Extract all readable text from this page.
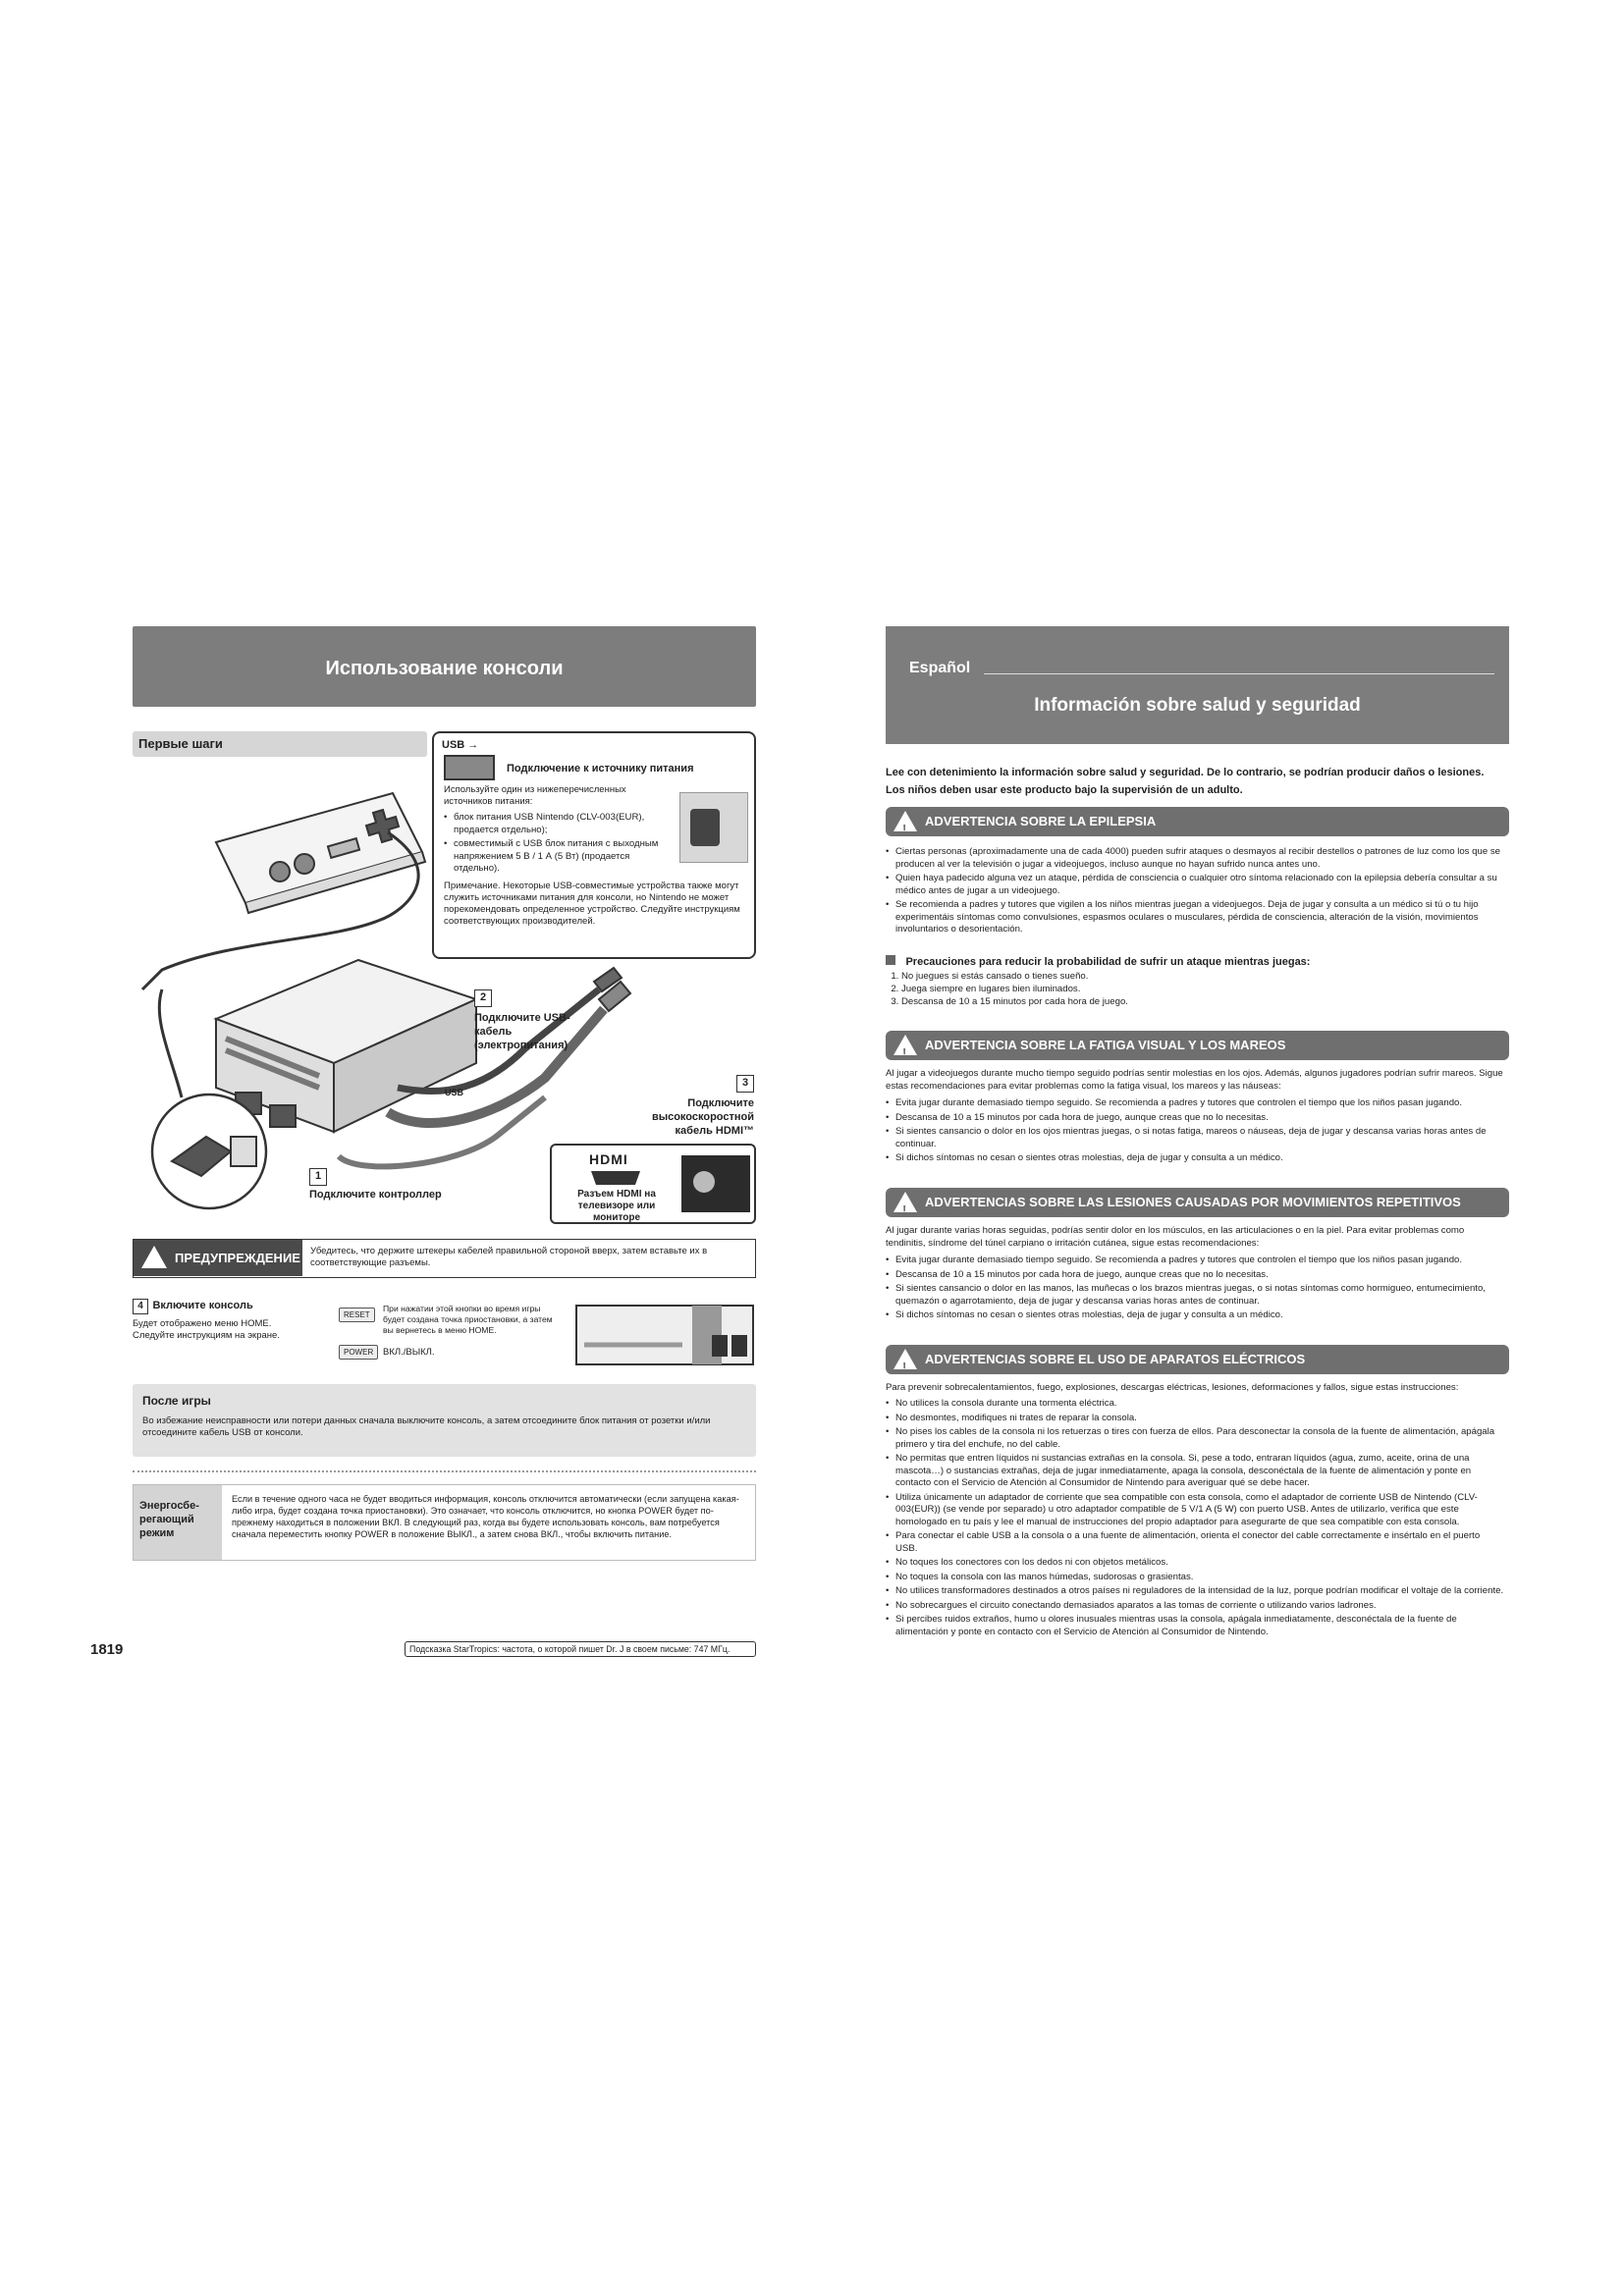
Использование консоли
Первые шаги	USB →
Подключение к источнику питания
Используйте один из нижеперечисленных источников питания:
• блок питания USB Nintendo (CLV-003(EUR), продается отдельно);
• совместимый с USB блок питания с выходным напряжением 5 В / 1 А (5 Вт) (продается отдельно).
Примечание. Некоторые USB-совместимые устройства также могут служить источниками питания для консоли, но Nintendo не может порекомендовать определенное устройство. Следуйте инструкциям соответствующих производителей.
2
Подключите USB-кабель (электропитания)
USB
3
Подключите высокоскоростной кабель HDMI™
HDMI
Разъем HDMI на телевизоре или мониторе
1
Подключите контроллер
ПРЕДУПРЕЖДЕНИЕ Убедитесь, что держите штекеры кабелей правильной стороной вверх, затем вставьте их в соответствующие разъемы.
4 Включите консоль
Будет отображено меню HOME. Следуйте инструкциям на экране.
RESET
При нажатии этой кнопки во время игры будет создана точка приостановки, а затем вы вернетесь в меню HOME.
POWER	ВКЛ./ВЫКЛ.
После игры
Во избежание неисправности или потери данных сначала выключите консоль, а затем отсоедините блок питания от розетки и/или отсоедините кабель USB от консоли.
Энергосбе-регающий режим
Если в течение одного часа не будет вводиться информация, консоль отключится автоматически (если запущена какая-либо игра, будет создана точка приостановки). Это означает, что консоль отключится, но кнопка POWER будет по-прежнему находиться в положении ВКЛ. В следующий раз, когда вы будете использовать консоль, вам потребуется сначала переместить кнопку POWER в положение ВЫКЛ., а затем снова ВКЛ., чтобы включить питание.
1819	Подсказка StarTropics: частота, о которой пишет Dr. J в своем письме: 747 МГц.
Español
Información sobre salud y seguridad
Lee con detenimiento la información sobre salud y seguridad. De lo contrario, se podrían producir daños o lesiones. Los niños deben usar este producto bajo la supervisión de un adulto.
!
ADVERTENCIA SOBRE LA EPILEPSIA
• Ciertas personas (aproximadamente una de cada 4000) pueden sufrir ataques o desmayos al recibir destellos o patrones de luz como los que se producen al ver la televisión o jugar a videojuegos, incluso aunque no hayan sufrido nunca antes uno.
• Quien haya padecido alguna vez un ataque, pérdida de consciencia o cualquier otro síntoma relacionado con la epilepsia debería consultar a su médico antes de jugar a un videojuego.
• Se recomienda a padres y tutores que vigilen a los niños mientras juegan a videojuegos. Deja de jugar y consulta a un médico si tú o tu hijo experimentáis síntomas como convulsiones, espasmos oculares o musculares, pérdida de consciencia, alteración de la visión, movimientos involuntarios o desorientación.
Precauciones para reducir la probabilidad de sufrir un ataque mientras juegas:
1. No juegues si estás cansado o tienes sueño.
2. Juega siempre en lugares bien iluminados.
3. Descansa de 10 a 15 minutos por cada hora de juego.
!
ADVERTENCIA SOBRE LA FATIGA VISUAL Y LOS MAREOS
Al jugar a videojuegos durante mucho tiempo seguido podrías sentir molestias en los ojos. Además, algunos jugadores podrían sufrir mareos. Sigue estas recomendaciones para evitar problemas como la fatiga visual, los mareos y las náuseas:
• Evita jugar durante demasiado tiempo seguido. Se recomienda a padres y tutores que controlen el tiempo que los niños pasan jugando.
• Descansa de 10 a 15 minutos por cada hora de juego, aunque creas que no lo necesitas.
• Si sientes cansancio o dolor en los ojos mientras juegas, o si notas fatiga, mareos o náuseas, deja de jugar y descansa varias horas antes de continuar.
• Si dichos síntomas no cesan o sientes otras molestias, deja de jugar y consulta a un médico.
!
ADVERTENCIAS SOBRE LAS LESIONES CAUSADAS POR MOVIMIENTOS REPETITIVOS
Al jugar durante varias horas seguidas, podrías sentir dolor en los músculos, en las articulaciones o en la piel. Para evitar problemas como tendinitis, síndrome del túnel carpiano o irritación cutánea, sigue estas recomendaciones:
• Evita jugar durante demasiado tiempo seguido. Se recomienda a padres y tutores que controlen el tiempo que los niños pasan jugando.
• Descansa de 10 a 15 minutos por cada hora de juego, aunque creas que no lo necesitas.
• Si sientes cansancio o dolor en las manos, las muñecas o los brazos mientras juegas, o si notas síntomas como hormigueo, entumecimiento, quemazón o agarrotamiento, deja de jugar y descansa varias horas antes de continuar.
• Si dichos síntomas no cesan o sientes otras molestias, deja de jugar y consulta a un médico.
!
ADVERTENCIAS SOBRE EL USO DE APARATOS ELÉCTRICOS
Para prevenir sobrecalentamientos, fuego, explosiones, descargas eléctricas, lesiones, deformaciones y fallos, sigue estas instrucciones:
• No utilices la consola durante una tormenta eléctrica.
• No desmontes, modifiques ni trates de reparar la consola.
• No pises los cables de la consola ni los retuerzas o tires con fuerza de ellos. Para desconectar la consola de la fuente de alimentación, apágala primero y tira del enchufe, no del cable.
• No permitas que entren líquidos ni sustancias extrañas en la consola. Si, pese a todo, entraran líquidos (agua, zumo, aceite, orina de una mascota…) o sustancias extrañas, deja de jugar inmediatamente, apaga la consola, desconéctala de la fuente de alimentación y ponte en contacto con el Servicio de Atención al Consumidor de Nintendo para averiguar qué se debe hacer.
• Utiliza únicamente un adaptador de corriente que sea compatible con esta consola, como el adaptador de corriente USB de Nintendo (CLV-003(EUR)) (se vende por separado) u otro adaptador compatible de 5 V/1 A (5 W) con puerto USB. Antes de utilizarlo, verifica que este homologado en tu país y lee el manual de instrucciones del propio adaptador para asegurarte de que sea compatible con esta consola.
• Para conectar el cable USB a la consola o a una fuente de alimentación, orienta el conector del cable correctamente e insértalo en el puerto USB.
• No toques los conectores con los dedos ni con objetos metálicos.
• No toques la consola con las manos húmedas, sudorosas o grasientas.
• No utilices transformadores destinados a otros países ni reguladores de la intensidad de la luz, porque podrían modificar el voltaje de la corriente.
• No sobrecargues el circuito conectando demasiados aparatos a las tomas de corriente o utilizando varios ladrones.
• Si percibes ruidos extraños, humo u olores inusuales mientras usas la consola, apágala inmediatamente, desconéctala de la fuente de alimentación y ponte en contacto con el Servicio de Atención al Consumidor de Nintendo.
